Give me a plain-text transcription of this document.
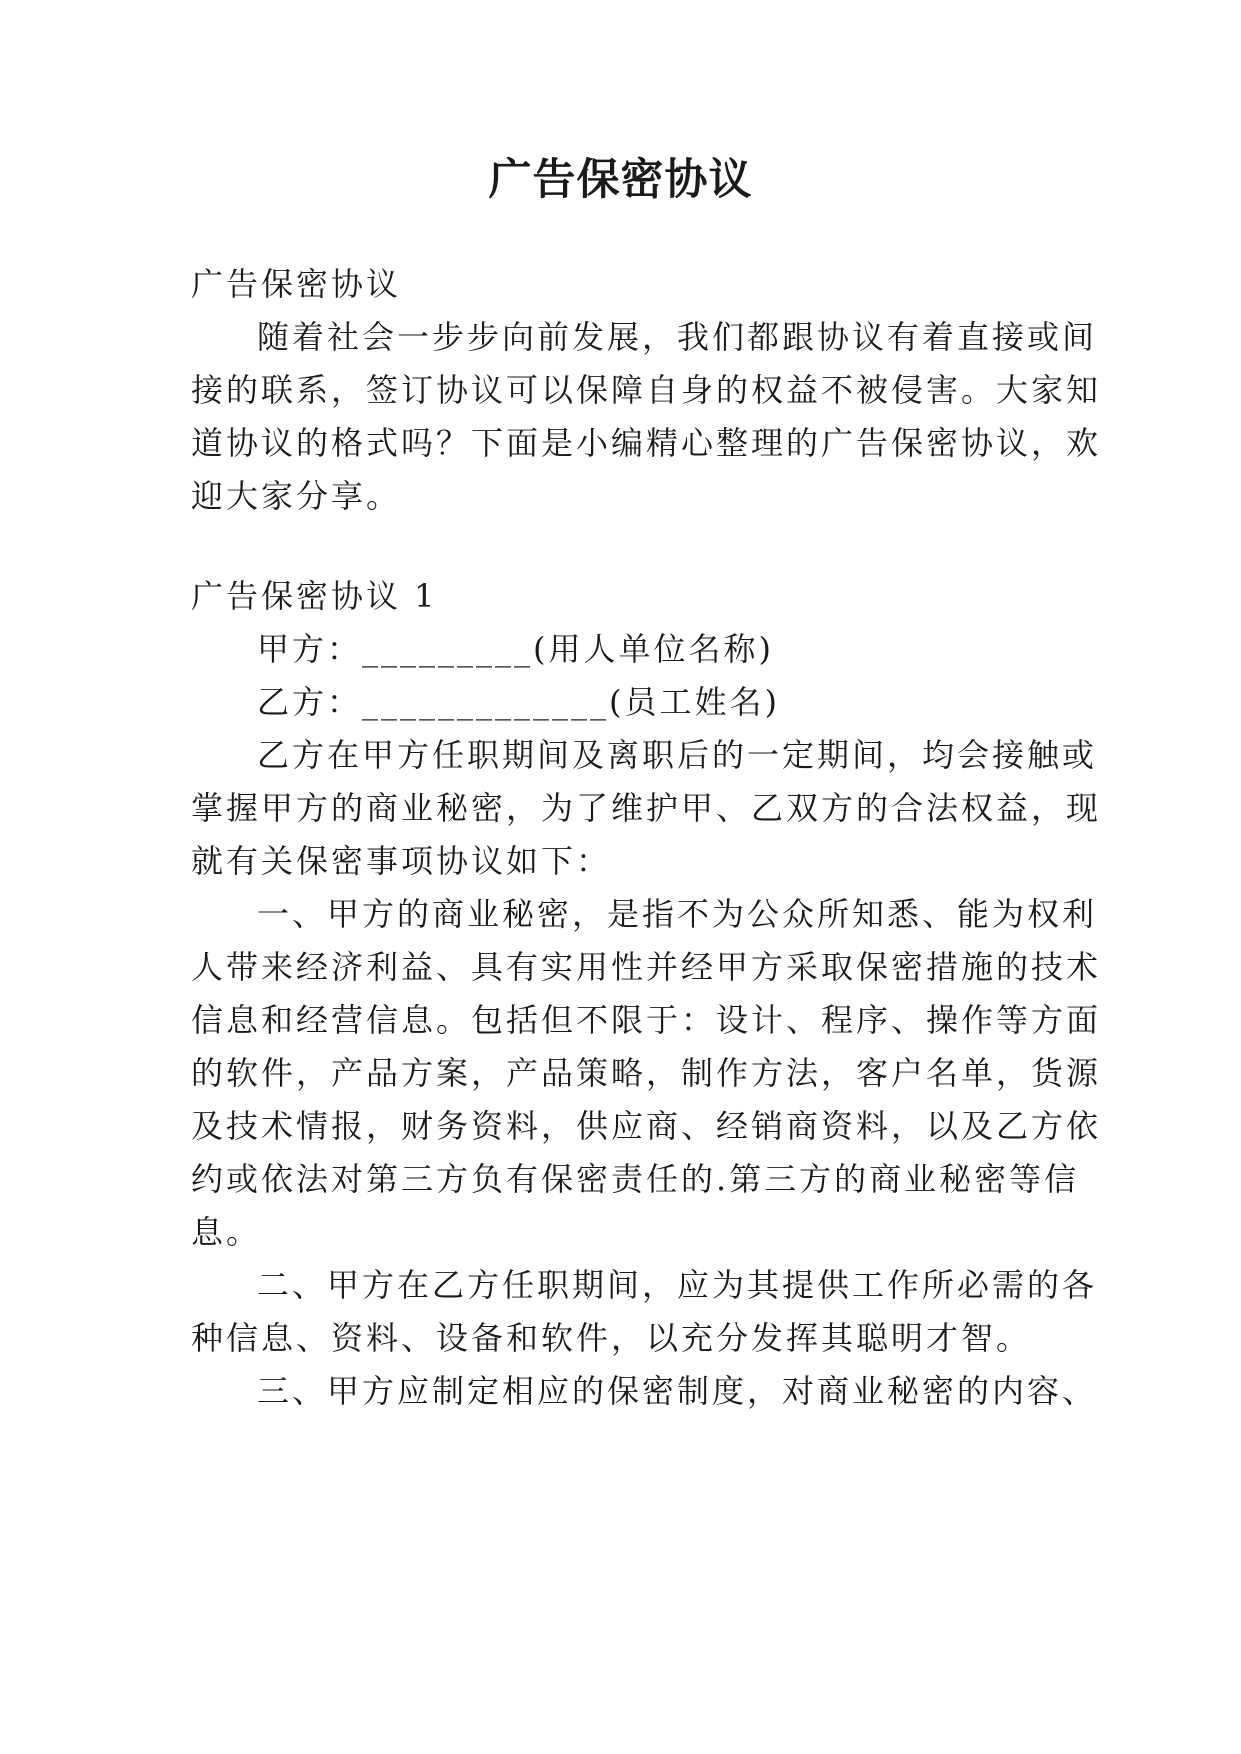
广告保密协议
广告保密协议
随着社会一步步向前发展，我们都跟协议有着直接或间
接的联系，签订协议可以保障自身的权益不被侵害。大家知
道协议的格式吗？下面是小编精心整理的广告保密协议，欢
迎大家分享。
广告保密协议 1
甲方：_________(用人单位名称)
乙方：_____________(员工姓名)
乙方在甲方任职期间及离职后的一定期间，均会接触或
掌握甲方的商业秘密，为了维护甲、乙双方的合法权益，现
就有关保密事项协议如下：
一、甲方的商业秘密，是指不为公众所知悉、能为权利
人带来经济利益、具有实用性并经甲方采取保密措施的技术
信息和经营信息。包括但不限于：设计、程序、操作等方面
的软件，产品方案，产品策略，制作方法，客户名单，货源
及技术情报，财务资料，供应商、经销商资料，以及乙方依
约或依法对第三方负有保密责任的.第三方的商业秘密等信
息。
二、甲方在乙方任职期间，应为其提供工作所必需的各
种信息、资料、设备和软件，以充分发挥其聪明才智。
三、甲方应制定相应的保密制度，对商业秘密的内容、
